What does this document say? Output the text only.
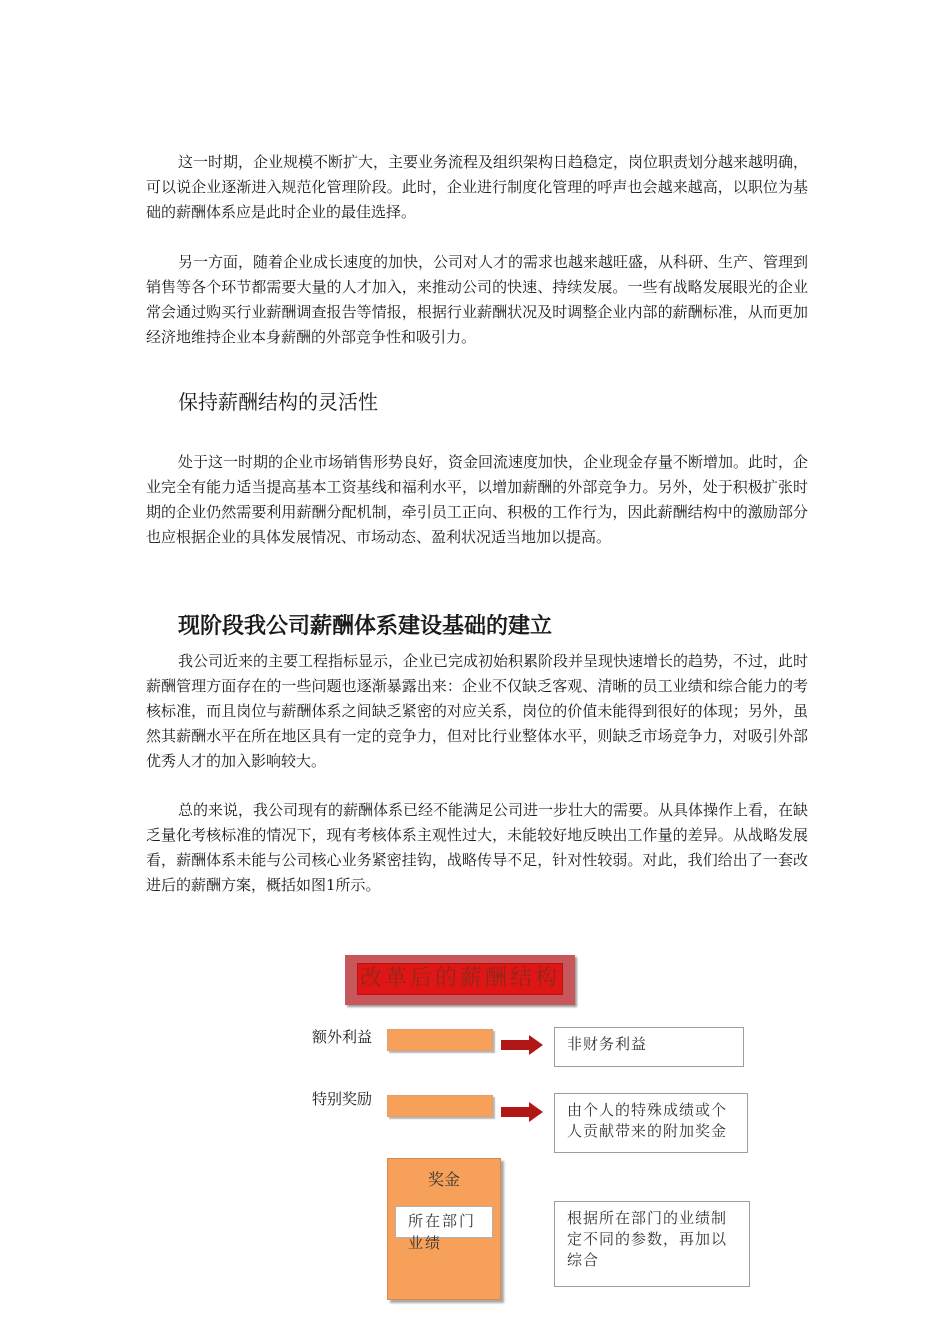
这一时期，企业规模不断扩大，主要业务流程及组织架构日趋稳定，岗位职责划分越来越明确，可以说企业逐渐进入规范化管理阶段。此时，企业进行制度化管理的呼声也会越来越高，以职位为基础的薪酬体系应是此时企业的最佳选择。

另一方面，随着企业成长速度的加快，公司对人才的需求也越来越旺盛，从科研、生产、管理到销售等各个环节都需要大量的人才加入，来推动公司的快速、持续发展。一些有战略发展眼光的企业常会通过购买行业薪酬调查报告等情报，根据行业薪酬状况及时调整企业内部的薪酬标准，从而更加经济地维持企业本身薪酬的外部竞争性和吸引力。

保持薪酬结构的灵活性

处于这一时期的企业市场销售形势良好，资金回流速度加快，企业现金存量不断增加。此时，企业完全有能力适当提高基本工资基线和福利水平，以增加薪酬的外部竞争力。另外，处于积极扩张时期的企业仍然需要利用薪酬分配机制，牵引员工正向、积极的工作行为，因此薪酬结构中的激励部分也应根据企业的具体发展情况、市场动态、盈利状况适当地加以提高。

现阶段我公司薪酬体系建设基础的建立

我公司近来的主要工程指标显示，企业已完成初始积累阶段并呈现快速增长的趋势，不过，此时薪酬管理方面存在的一些问题也逐渐暴露出来：企业不仅缺乏客观、清晰的员工业绩和综合能力的考核标准，而且岗位与薪酬体系之间缺乏紧密的对应关系，岗位的价值未能得到很好的体现；另外，虽然其薪酬水平在所在地区具有一定的竞争力，但对比行业整体水平，则缺乏市场竞争力，对吸引外部优秀人才的加入影响较大。

总的来说，我公司现有的薪酬体系已经不能满足公司进一步壮大的需要。从具体操作上看，在缺乏量化考核标准的情况下，现有考核体系主观性过大，未能较好地反映出工作量的差异。从战略发展看，薪酬体系未能与公司核心业务紧密挂钩，战略传导不足，针对性较弱。对此，我们给出了一套改进后的薪酬方案，概括如图1所示。

改革后的薪酬结构
额外利益	非财务利益
特别奖励
由个人的特殊成绩或个人贡献带来的附加奖金
奖金
所在部门业绩
根据所在部门的业绩制定不同的参数，再加以综合
